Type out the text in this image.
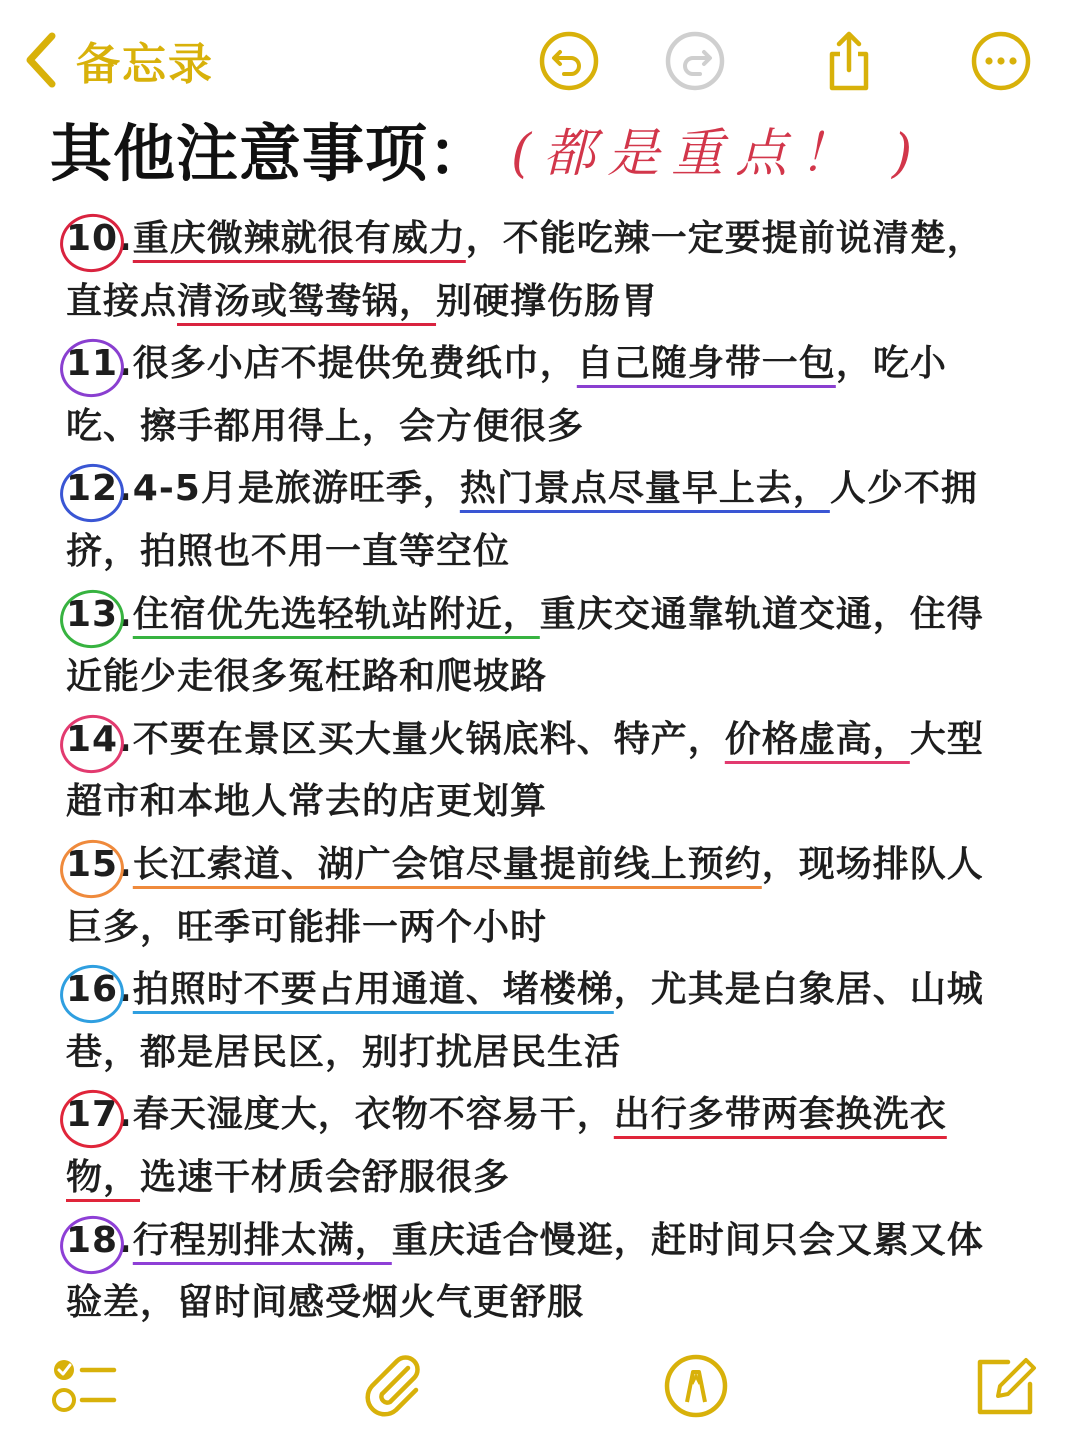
备忘录
其他注意事项： (都是重点！ )
10.重庆微辣就很有威力，不能吃辣一定要提前说清楚，直接点清汤或鸳鸯锅，别硬撑伤肠胃
11.很多小店不提供免费纸巾，自己随身带一包，吃小吃、擦手都用得上，会方便很多
12.4-5月是旅游旺季，热门景点尽量早上去，人少不拥挤，拍照也不用一直等空位
13.住宿优先选轻轨站附近，重庆交通靠轨道交通，住得近能少走很多冤枉路和爬坡路
14.不要在景区买大量火锅底料、特产，价格虚高，大型超市和本地人常去的店更划算
15.长江索道、湖广会馆尽量提前线上预约，现场排队人巨多，旺季可能排一两个小时
16.拍照时不要占用通道、堵楼梯，尤其是白象居、山城巷，都是居民区，别打扰居民生活
17.春天湿度大，衣物不容易干，出行多带两套换洗衣物，选速干材质会舒服很多
18.行程别排太满，重庆适合慢逛，赶时间只会又累又体验差，留时间感受烟火气更舒服
